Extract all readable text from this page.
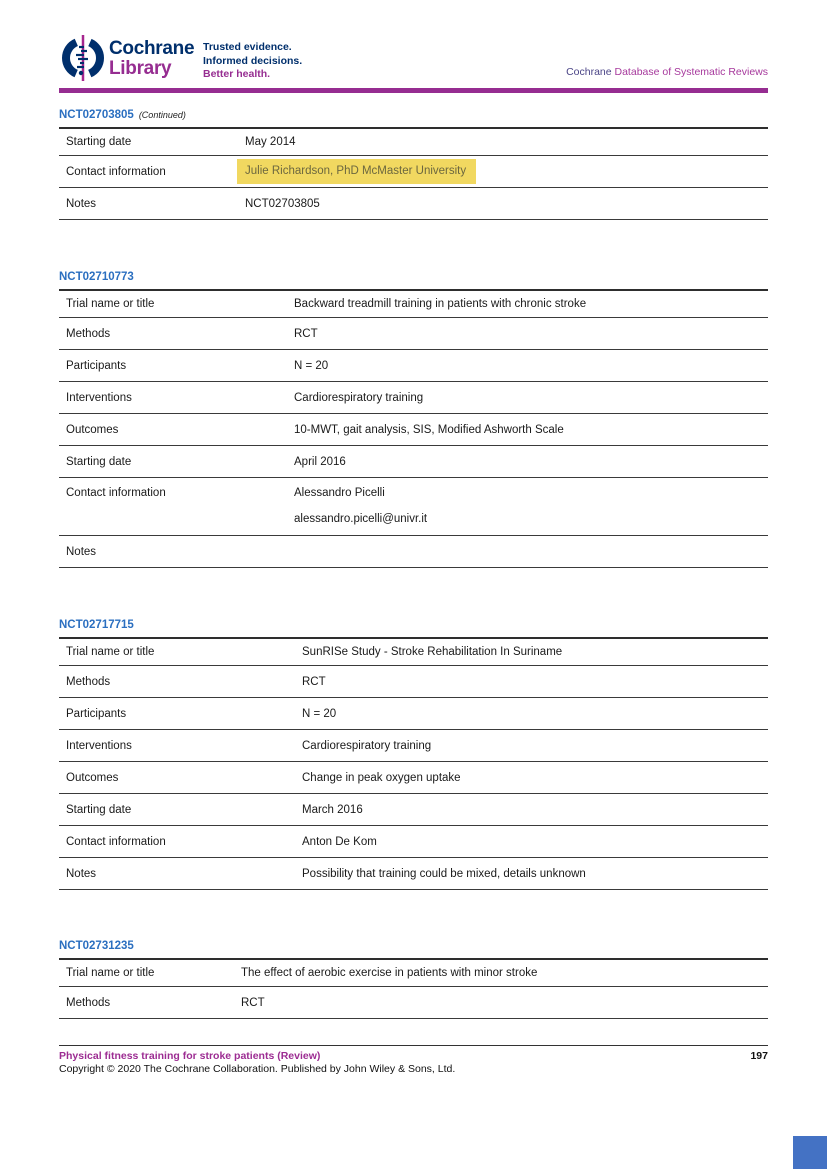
Cochrane
Library
Trusted evidence.
Informed decisions.
Better health.	Cochrane Database of Systematic Reviews
NCT02703805 (Continued)
Starting date	May 2014
Contact information	Julie Richardson, PhD McMaster University
Notes	NCT02703805
NCT02710773
Trial name or title	Backward treadmill training in patients with chronic stroke
Methods	RCT
Participants	N = 20
Interventions	Cardiorespiratory training
Outcomes	10-MWT, gait analysis, SIS, Modified Ashworth Scale
Starting date	April 2016
Contact information	Alessandro Picelli
alessandro.picelli@univr.it
Notes
NCT02717715
Trial name or title	SunRISe Study - Stroke Rehabilitation In Suriname
Methods	RCT
Participants	N = 20
Interventions	Cardiorespiratory training
Outcomes	Change in peak oxygen uptake
Starting date	March 2016
Contact information	Anton De Kom
Notes	Possibility that training could be mixed, details unknown
NCT02731235
Trial name or title	The effect of aerobic exercise in patients with minor stroke
Methods	RCT
Physical fitness training for stroke patients (Review)	197
Copyright © 2020 The Cochrane Collaboration. Published by John Wiley & Sons, Ltd.
